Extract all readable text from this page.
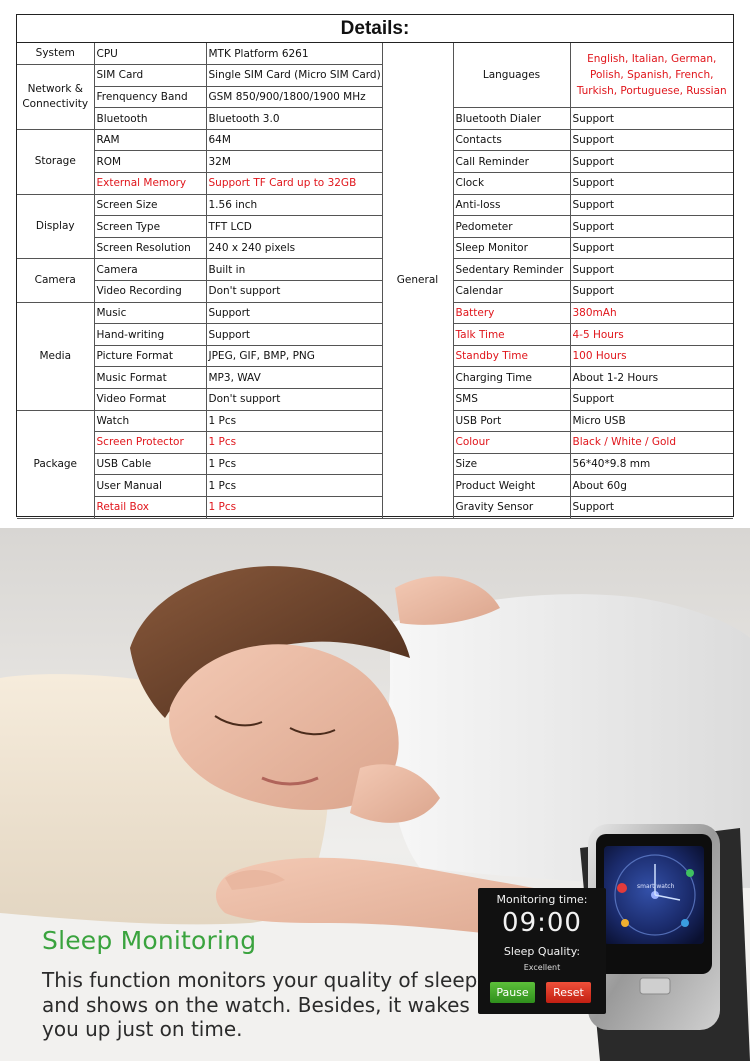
Details:
System	CPU	MTK Platform 6261	General	Languages	English, Italian, German, Polish, Spanish, French, Turkish, Portuguese, Russian
Network & Connectivity	SIM Card	Single SIM Card (Micro SIM Card)			
	Frenquency Band	GSM 850/900/1800/1900 MHz			
	Bluetooth	Bluetooth 3.0		Bluetooth Dialer	Support
Storage	RAM	64M		Contacts	Support
	ROM	32M		Call Reminder	Support
	External Memory	Support TF Card up to 32GB		Clock	Support
Display	Screen Size	1.56 inch		Anti-loss	Support
	Screen Type	TFT LCD		Pedometer	Support
	Screen Resolution	240 x 240 pixels		Sleep Monitor	Support
Camera	Camera	Built in		Sedentary Reminder	Support
	Video Recording	Don't support		Calendar	Support
Media	Music	Support		Battery	380mAh
	Hand-writing	Support		Talk Time	4-5 Hours
	Picture Format	JPEG, GIF, BMP, PNG		Standby Time	100 Hours
	Music Format	MP3, WAV		Charging Time	About 1-2 Hours
	Video Format	Don't support		SMS	Support
Package	Watch	1 Pcs		USB Port	Micro USB
	Screen Protector	1 Pcs		Colour	Black / White / Gold
	USB Cable	1 Pcs		Size	56*40*9.8 mm
	User Manual	1 Pcs		Product Weight	About 60g
	Retail Box	1 Pcs		Gravity Sensor	Support
smart watch
Sleep Monitoring
This function monitors your quality of sleep and shows on the watch. Besides, it wakes you up just on time.
Monitoring time:
09:00
Sleep Quality:
Excellent
Pause	Reset
